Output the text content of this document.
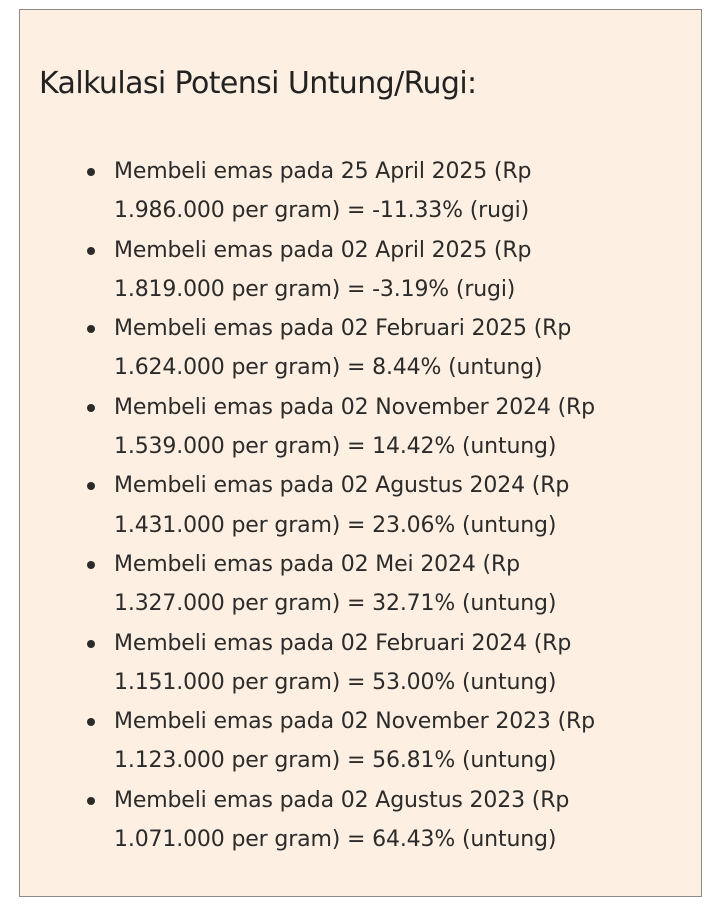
Kalkulasi Potensi Untung/Rugi:
Membeli emas pada 25 April 2025 (Rp
1.986.000 per gram) = -11.33% (rugi)
Membeli emas pada 02 April 2025 (Rp
1.819.000 per gram) = -3.19% (rugi)
Membeli emas pada 02 Februari 2025 (Rp
1.624.000 per gram) = 8.44% (untung)
Membeli emas pada 02 November 2024 (Rp
1.539.000 per gram) = 14.42% (untung)
Membeli emas pada 02 Agustus 2024 (Rp
1.431.000 per gram) = 23.06% (untung)
Membeli emas pada 02 Mei 2024 (Rp
1.327.000 per gram) = 32.71% (untung)
Membeli emas pada 02 Februari 2024 (Rp
1.151.000 per gram) = 53.00% (untung)
Membeli emas pada 02 November 2023 (Rp
1.123.000 per gram) = 56.81% (untung)
Membeli emas pada 02 Agustus 2023 (Rp
1.071.000 per gram) = 64.43% (untung)
